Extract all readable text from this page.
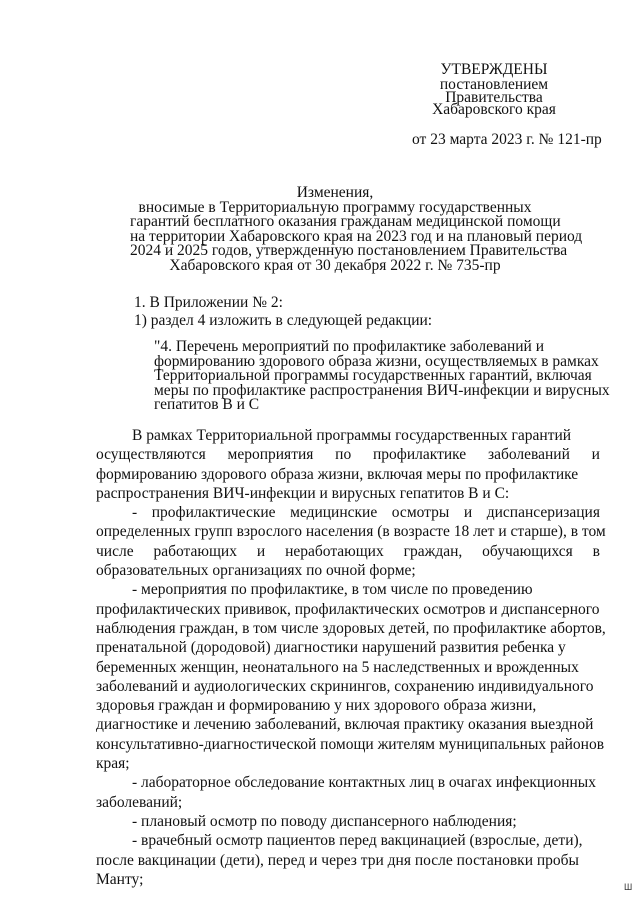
УТВЕРЖДЕНЫ
постановлением
Правительства
Хабаровского края
от 23 марта 2023 г. № 121-пр
Изменения,
вносимые в Территориальную программу государственных
гарантий бесплатного оказания гражданам медицинской помощи
на территории Хабаровского края на 2023 год и на плановый период
2024 и 2025 годов, утвержденную постановлением Правительства
Хабаровского края от 30 декабря 2022 г. № 735-пр
1. В Приложении № 2:
1) раздел 4 изложить в следующей редакции:
"4. Перечень мероприятий по профилактике заболеваний и
формированию здорового образа жизни, осуществляемых в рамках
Территориальной программы государственных гарантий, включая
меры по профилактике распространения ВИЧ-инфекции и вирусных
гепатитов В и С
В рамках Территориальной программы государственных гарантий
осуществляются мероприятия по профилактике заболеваний и
формированию здорового образа жизни, включая меры по профилактике
распространения ВИЧ-инфекции и вирусных гепатитов В и С:
- профилактические медицинские осмотры и диспансеризация
определенных групп взрослого населения (в возрасте 18 лет и старше), в том
числе работающих и неработающих граждан, обучающихся в
образовательных организациях по очной форме;
- мероприятия по профилактике, в том числе по проведению
профилактических прививок, профилактических осмотров и диспансерного
наблюдения граждан, в том числе здоровых детей, по профилактике абортов,
пренатальной (дородовой) диагностики нарушений развития ребенка у
беременных женщин, неонатального на 5 наследственных и врожденных
заболеваний и аудиологических скринингов, сохранению индивидуального
здоровья граждан и формированию у них здорового образа жизни,
диагностике и лечению заболеваний, включая практику оказания выездной
консультативно-диагностической помощи жителям муниципальных районов
края;
- лабораторное обследование контактных лиц в очагах инфекционных
заболеваний;
- плановый осмотр по поводу диспансерного наблюдения;
- врачебный осмотр пациентов перед вакцинацией (взрослые, дети),
после вакцинации (дети), перед и через три дня после постановки пробы
Манту;	Ш
